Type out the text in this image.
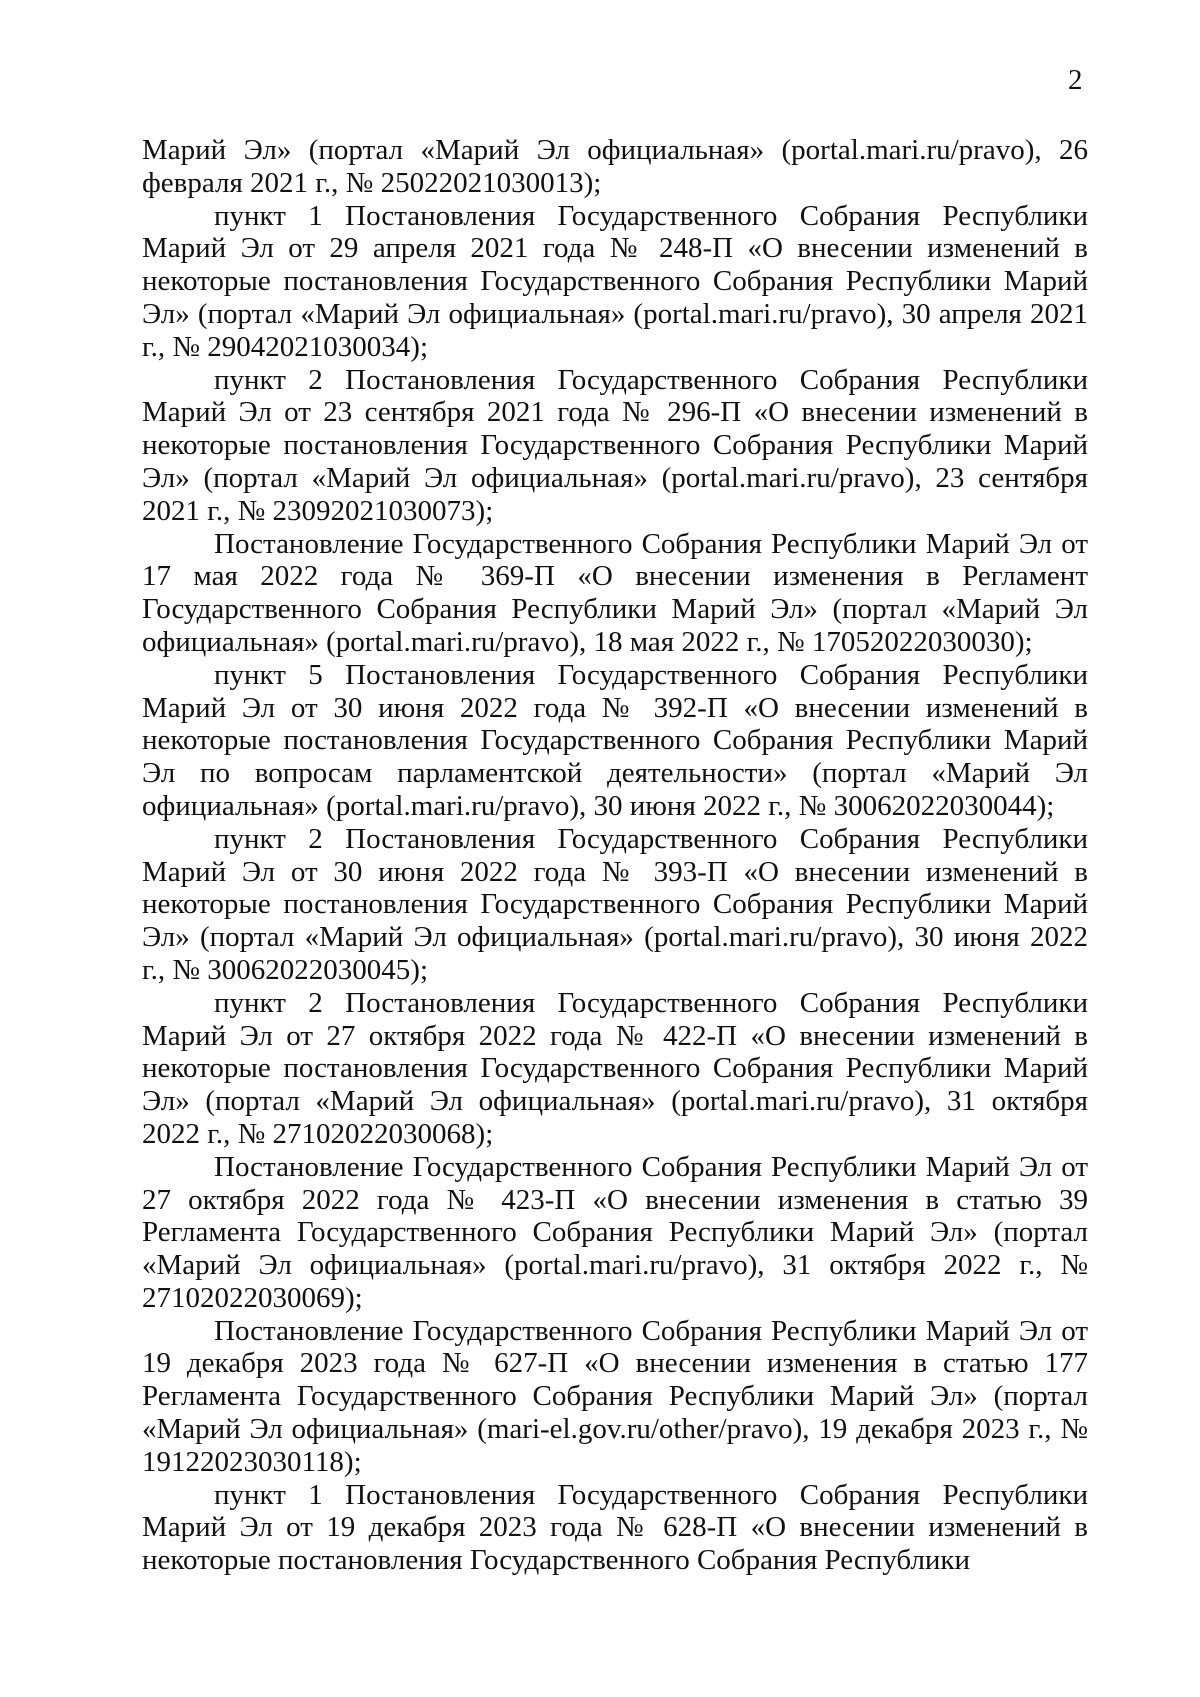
2

Марий Эл» (портал «Марий Эл официальная» (portal.mari.ru/pravo), 26 февраля 2021 г., № 25022021030013);

пункт 1 Постановления Государственного Собрания Республики Марий Эл от 29 апреля 2021 года № 248-П «О внесении изменений в некоторые постановления Государственного Собрания Республики Марий Эл» (портал «Марий Эл официальная» (portal.mari.ru/pravo), 30 апреля 2021 г., № 29042021030034);

пункт 2 Постановления Государственного Собрания Республики Марий Эл от 23 сентября 2021 года № 296-П «О внесении изменений в некоторые постановления Государственного Собрания Республики Марий Эл» (портал «Марий Эл официальная» (portal.mari.ru/pravo), 23 сентября 2021 г., № 23092021030073);

Постановление Государственного Собрания Республики Марий Эл от 17 мая 2022 года № 369-П «О внесении изменения в Регламент Государственного Собрания Республики Марий Эл» (портал «Марий Эл официальная» (portal.mari.ru/pravo), 18 мая 2022 г., № 17052022030030);

пункт 5 Постановления Государственного Собрания Республики Марий Эл от 30 июня 2022 года № 392-П «О внесении изменений в некоторые постановления Государственного Собрания Республики Марий Эл по вопросам парламентской деятельности» (портал «Марий Эл официальная» (portal.mari.ru/pravo), 30 июня 2022 г., № 30062022030044);

пункт 2 Постановления Государственного Собрания Республики Марий Эл от 30 июня 2022 года № 393-П «О внесении изменений в некоторые постановления Государственного Собрания Республики Марий Эл» (портал «Марий Эл официальная» (portal.mari.ru/pravo), 30 июня 2022 г., № 30062022030045);

пункт 2 Постановления Государственного Собрания Республики Марий Эл от 27 октября 2022 года № 422-П «О внесении изменений в некоторые постановления Государственного Собрания Республики Марий Эл» (портал «Марий Эл официальная» (portal.mari.ru/pravo), 31 октября 2022 г., № 27102022030068);

Постановление Государственного Собрания Республики Марий Эл от 27 октября 2022 года № 423-П «О внесении изменения в статью 39 Регламента Государственного Собрания Республики Марий Эл» (портал «Марий Эл официальная» (portal.mari.ru/pravo), 31 октября 2022 г., № 27102022030069);

Постановление Государственного Собрания Республики Марий Эл от 19 декабря 2023 года № 627-П «О внесении изменения в статью 177 Регламента Государственного Собрания Республики Марий Эл» (портал «Марий Эл официальная» (mari-el.gov.ru/other/pravo), 19 декабря 2023 г., № 19122023030118);

пункт 1 Постановления Государственного Собрания Республики Марий Эл от 19 декабря 2023 года № 628-П «О внесении изменений в некоторые постановления Государственного Собрания Республики
